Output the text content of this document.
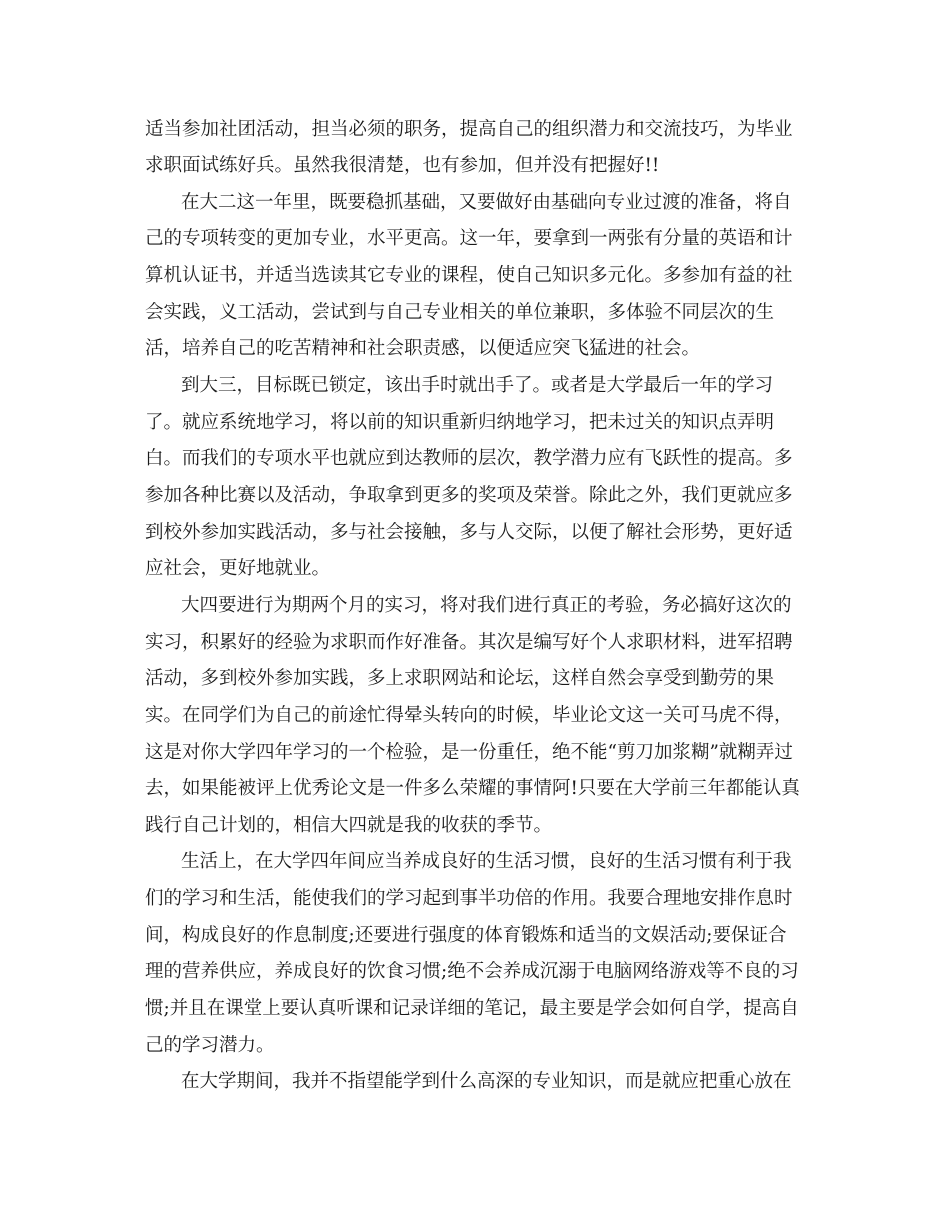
适当参加社团活动，担当必须的职务，提高自己的组织潜力和交流技巧，为毕业
求职面试练好兵。虽然我很清楚，也有参加，但并没有把握好!!
在大二这一年里，既要稳抓基础，又要做好由基础向专业过渡的准备，将自
己的专项转变的更加专业，水平更高。这一年，要拿到一两张有分量的英语和计
算机认证书，并适当选读其它专业的课程，使自己知识多元化。多参加有益的社
会实践，义工活动，尝试到与自己专业相关的单位兼职，多体验不同层次的生
活，培养自己的吃苦精神和社会职责感，以便适应突飞猛进的社会。
到大三，目标既已锁定，该出手时就出手了。或者是大学最后一年的学习
了。就应系统地学习，将以前的知识重新归纳地学习，把未过关的知识点弄明
白。而我们的专项水平也就应到达教师的层次，教学潜力应有飞跃性的提高。多
参加各种比赛以及活动，争取拿到更多的奖项及荣誉。除此之外，我们更就应多
到校外参加实践活动，多与社会接触，多与人交际，以便了解社会形势，更好适
应社会，更好地就业。
大四要进行为期两个月的实习，将对我们进行真正的考验，务必搞好这次的
实习，积累好的经验为求职而作好准备。其次是编写好个人求职材料，进军招聘
活动，多到校外参加实践，多上求职网站和论坛，这样自然会享受到勤劳的果
实。在同学们为自己的前途忙得晕头转向的时候，毕业论文这一关可马虎不得，
这是对你大学四年学习的一个检验，是一份重任，绝不能“剪刀加浆糊”就糊弄过
去，如果能被评上优秀论文是一件多么荣耀的事情阿!只要在大学前三年都能认真
践行自己计划的，相信大四就是我的收获的季节。
生活上，在大学四年间应当养成良好的生活习惯，良好的生活习惯有利于我
们的学习和生活，能使我们的学习起到事半功倍的作用。我要合理地安排作息时
间，构成良好的作息制度;还要进行强度的体育锻炼和适当的文娱活动;要保证合
理的营养供应，养成良好的饮食习惯;绝不会养成沉溺于电脑网络游戏等不良的习
惯;并且在课堂上要认真听课和记录详细的笔记，最主要是学会如何自学，提高自
己的学习潜力。
在大学期间，我并不指望能学到什么高深的专业知识，而是就应把重心放在
